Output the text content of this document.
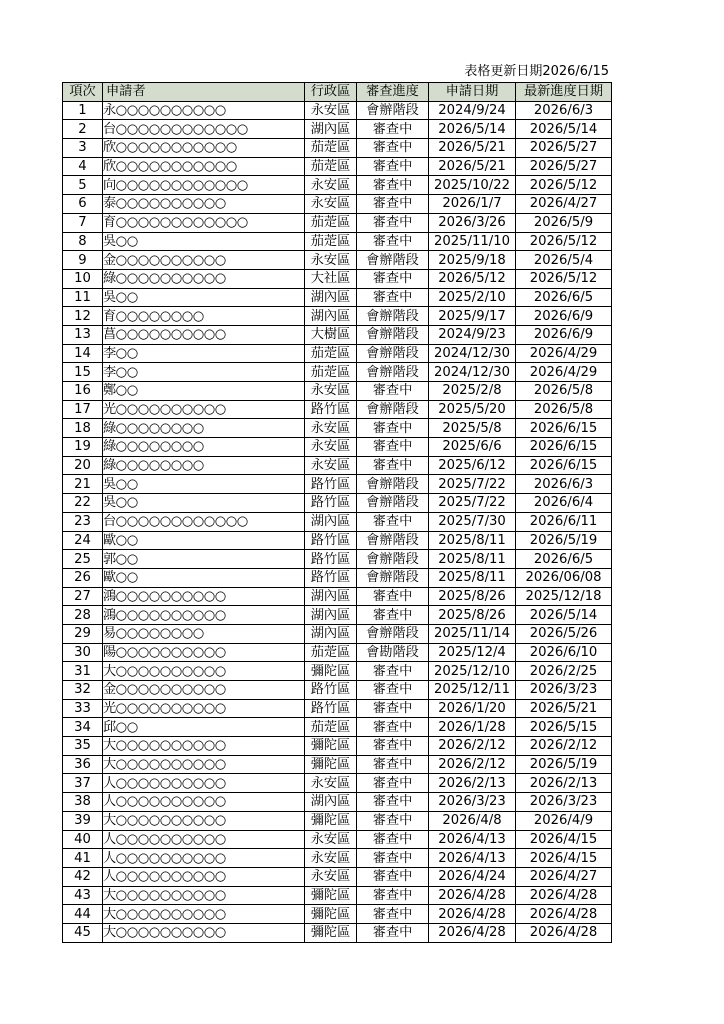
表格更新日期2026/6/15
項次	申請者	行政區	審查進度	申請日期	最新進度日期
1	永○○○○○○○○○○	永安區	會辦階段	2024/9/24	2026/6/3
2	台○○○○○○○○○○○○	湖內區	審查中	2026/5/14	2026/5/14
3	欣○○○○○○○○○○○	茄萣區	審查中	2026/5/21	2026/5/27
4	欣○○○○○○○○○○○	茄萣區	審查中	2026/5/21	2026/5/27
5	向○○○○○○○○○○○○	永安區	審查中	2025/10/22	2026/5/12
6	泰○○○○○○○○○○	永安區	審查中	2026/1/7	2026/4/27
7	育○○○○○○○○○○○○	茄萣區	審查中	2026/3/26	2026/5/9
8	吳○○	茄萣區	審查中	2025/11/10	2026/5/12
9	金○○○○○○○○○○	永安區	會辦階段	2025/9/18	2026/5/4
10	綠○○○○○○○○○○	大社區	審查中	2026/5/12	2026/5/12
11	吳○○	湖內區	審查中	2025/2/10	2026/6/5
12	育○○○○○○○○	湖內區	會辦階段	2025/9/17	2026/6/9
13	菖○○○○○○○○○○	大樹區	會辦階段	2024/9/23	2026/6/9
14	李○○	茄萣區	會辦階段	2024/12/30	2026/4/29
15	李○○	茄萣區	會辦階段	2024/12/30	2026/4/29
16	鄭○○	永安區	審查中	2025/2/8	2026/5/8
17	光○○○○○○○○○○	路竹區	會辦階段	2025/5/20	2026/5/8
18	綠○○○○○○○○	永安區	審查中	2025/5/8	2026/6/15
19	綠○○○○○○○○	永安區	審查中	2025/6/6	2026/6/15
20	綠○○○○○○○○	永安區	審查中	2025/6/12	2026/6/15
21	吳○○	路竹區	會辦階段	2025/7/22	2026/6/3
22	吳○○	路竹區	會辦階段	2025/7/22	2026/6/4
23	台○○○○○○○○○○○○	湖內區	審查中	2025/7/30	2026/6/11
24	歐○○	路竹區	會辦階段	2025/8/11	2026/5/19
25	郭○○	路竹區	會辦階段	2025/8/11	2026/6/5
26	歐○○	路竹區	會辦階段	2025/8/11	2026/06/08
27	鴻○○○○○○○○○○	湖內區	審查中	2025/8/26	2025/12/18
28	鴻○○○○○○○○○○	湖內區	審查中	2025/8/26	2026/5/14
29	易○○○○○○○○	湖內區	會辦階段	2025/11/14	2026/5/26
30	陽○○○○○○○○○○	茄萣區	會勘階段	2025/12/4	2026/6/10
31	大○○○○○○○○○○	彌陀區	審查中	2025/12/10	2026/2/25
32	金○○○○○○○○○○	路竹區	審查中	2025/12/11	2026/3/23
33	光○○○○○○○○○○	路竹區	審查中	2026/1/20	2026/5/21
34	邱○○	茄萣區	審查中	2026/1/28	2026/5/15
35	大○○○○○○○○○○	彌陀區	審查中	2026/2/12	2026/2/12
36	大○○○○○○○○○○	彌陀區	審查中	2026/2/12	2026/5/19
37	人○○○○○○○○○○	永安區	審查中	2026/2/13	2026/2/13
38	人○○○○○○○○○○	湖內區	審查中	2026/3/23	2026/3/23
39	大○○○○○○○○○○	彌陀區	審查中	2026/4/8	2026/4/9
40	人○○○○○○○○○○	永安區	審查中	2026/4/13	2026/4/15
41	人○○○○○○○○○○	永安區	審查中	2026/4/13	2026/4/15
42	人○○○○○○○○○○	永安區	審查中	2026/4/24	2026/4/27
43	大○○○○○○○○○○	彌陀區	審查中	2026/4/28	2026/4/28
44	大○○○○○○○○○○	彌陀區	審查中	2026/4/28	2026/4/28
45	大○○○○○○○○○○	彌陀區	審查中	2026/4/28	2026/4/28
